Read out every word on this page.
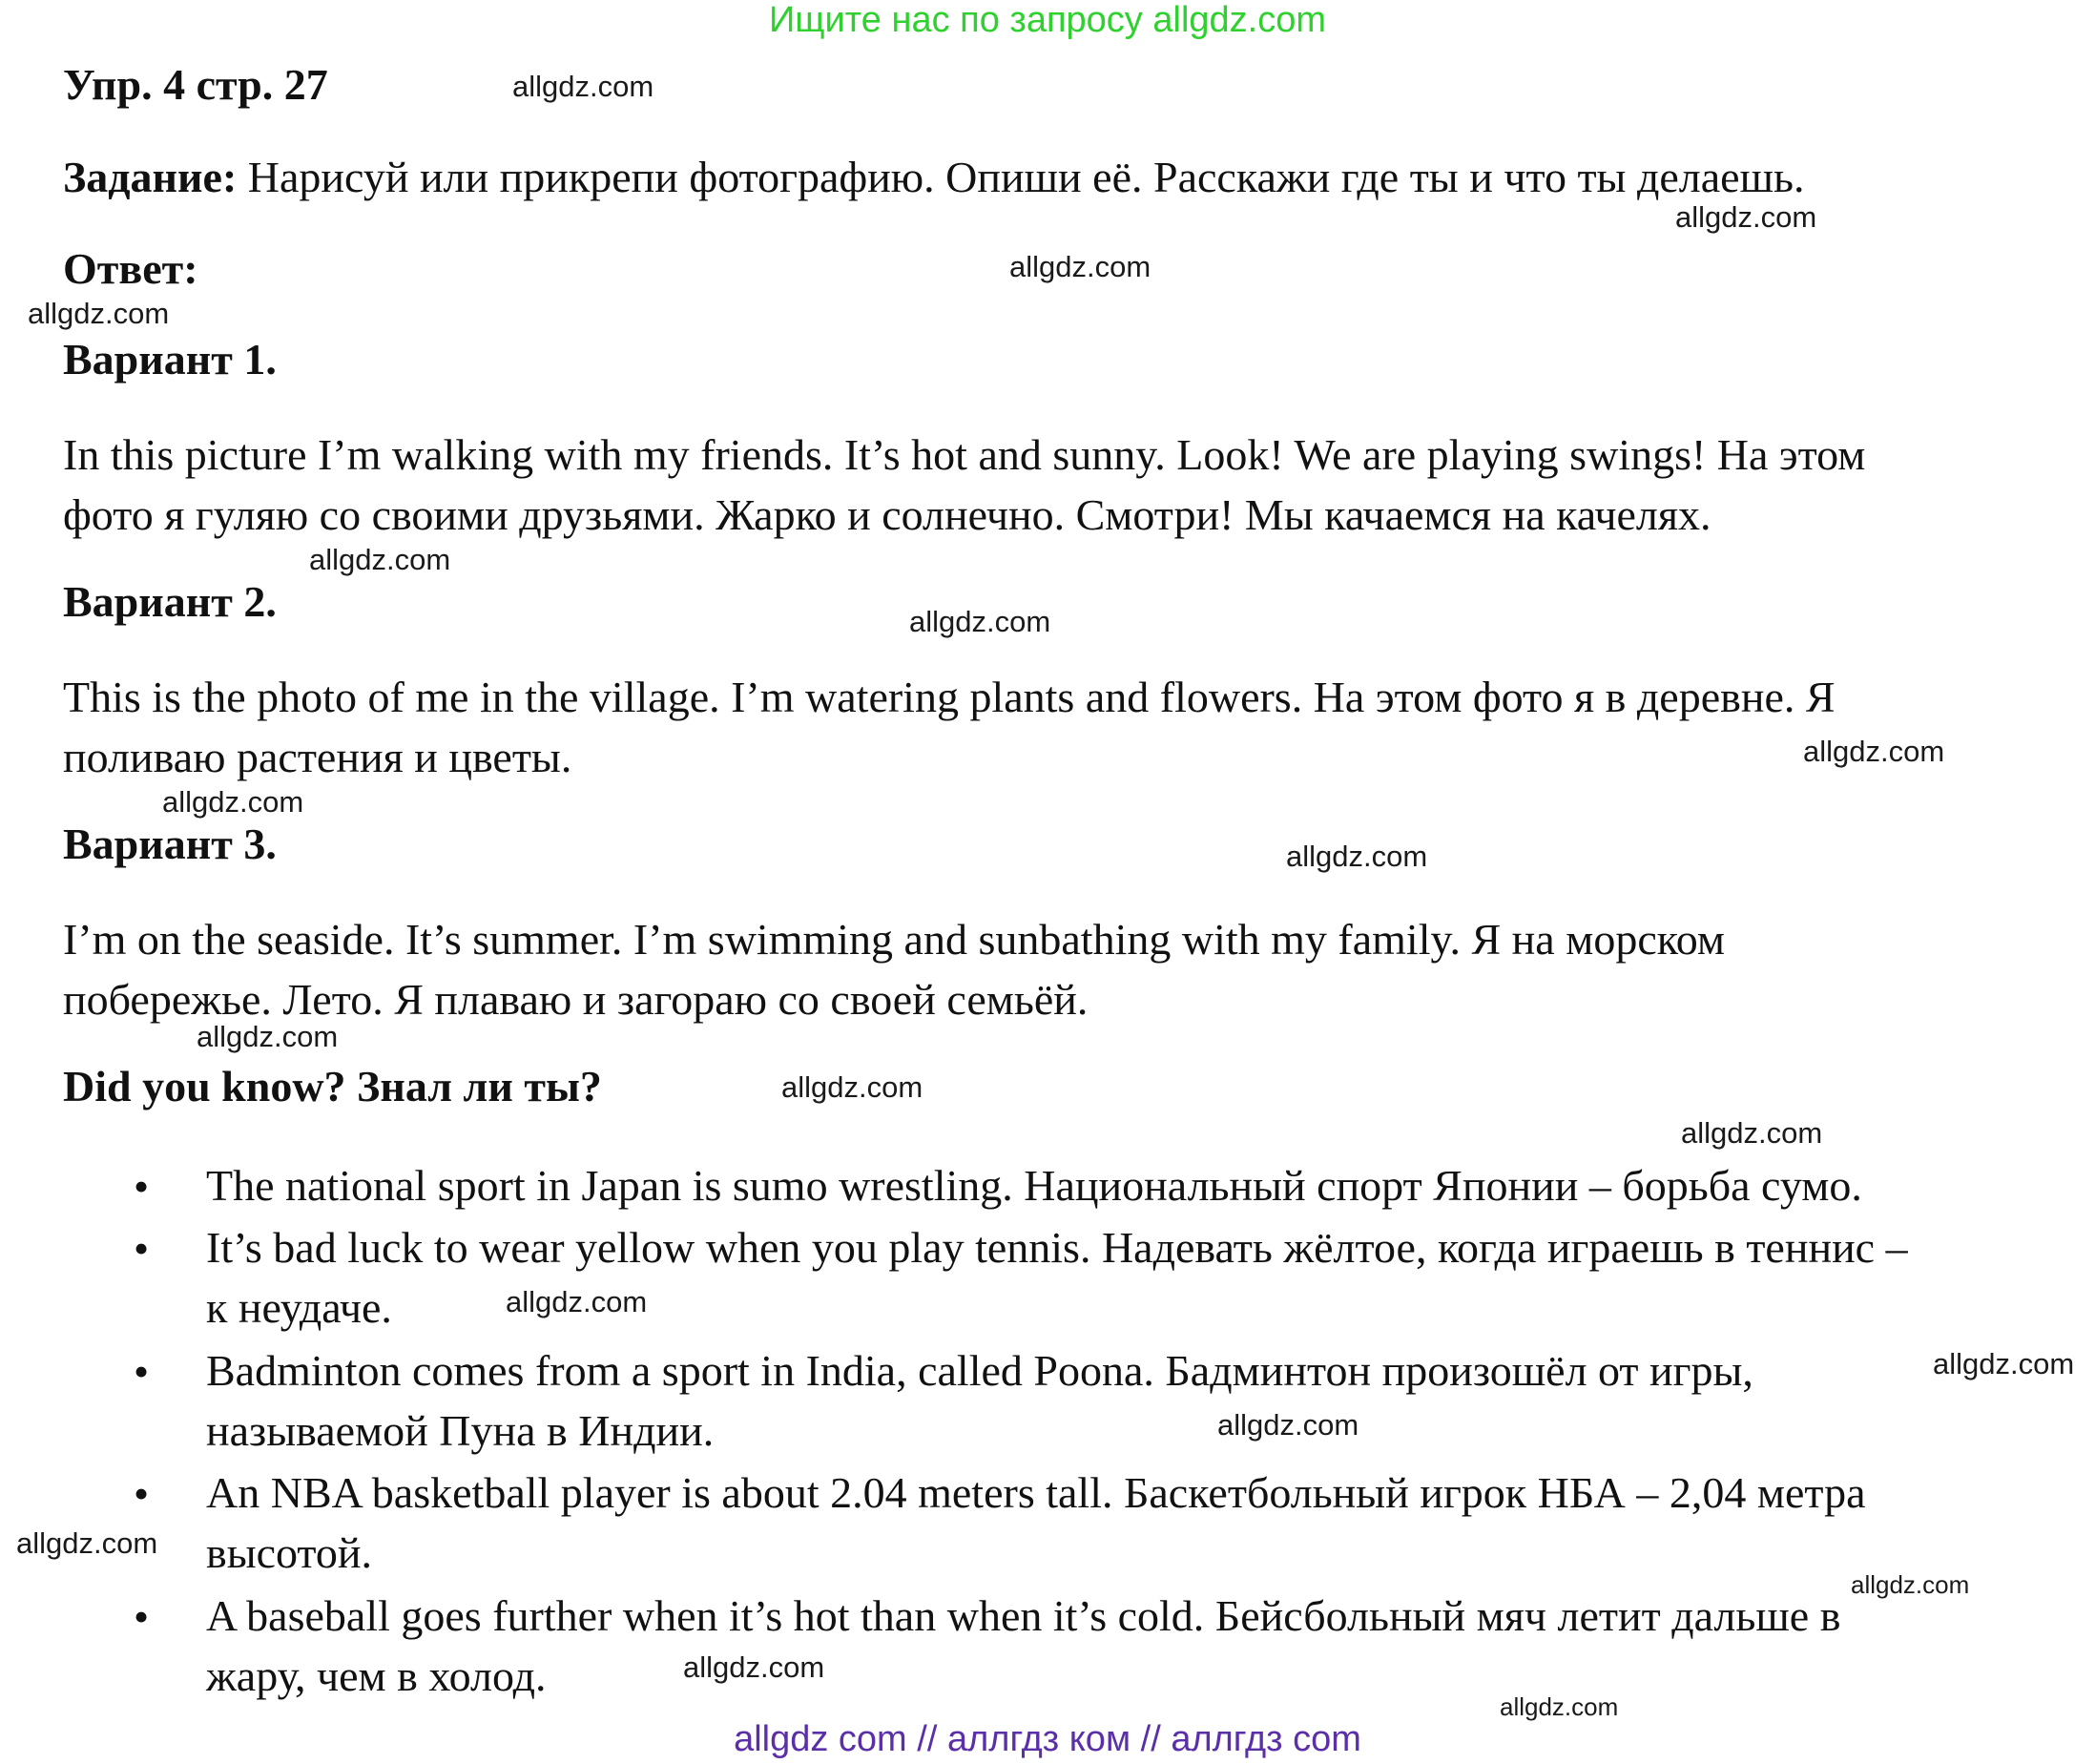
Ищите нас по запросу allgdz.com
Упр. 4 стр. 27
Задание: Нарисуй или прикрепи фотографию. Опиши её. Расскажи где ты и что ты делаешь.
Ответ:
Вариант 1.
In this picture I’m walking with my friends. It’s hot and sunny. Look! We are playing swings! На этом
фото я гуляю со своими друзьями. Жарко и солнечно. Смотри! Мы качаемся на качелях.
Вариант 2.
This is the photo of me in the village. I’m watering plants and flowers. На этом фото я в деревне. Я
поливаю растения и цветы.
Вариант 3.
I’m on the seaside. It’s summer. I’m swimming and sunbathing with my family. Я на морском
побережье. Лето. Я плаваю и загораю со своей семьёй.
Did you know? Знал ли ты?
• The national sport in Japan is sumo wrestling. Национальный спорт Японии – борьба сумо.
• It’s bad luck to wear yellow when you play tennis. Надевать жёлтое, когда играешь в теннис –
к неудаче.
• Badminton comes from a sport in India, called Poona. Бадминтон произошёл от игры,
называемой Пуна в Индии.
• An NBA basketball player is about 2.04 meters tall. Баскетбольный игрок НБА – 2,04 метра
высотой.
• A baseball goes further when it’s hot than when it’s cold. Бейсбольный мяч летит дальше в
жару, чем в холод.
allgdz.com
allgdz.com
allgdz.com
allgdz.com
allgdz.com
allgdz.com
allgdz.com
allgdz.com
allgdz.com
allgdz.com
allgdz.com
allgdz.com
allgdz.com
allgdz.com
allgdz.com
allgdz.com
allgdz.com
allgdz.com
allgdz.com
allgdz com // аллгдз ком // аллгдз com
